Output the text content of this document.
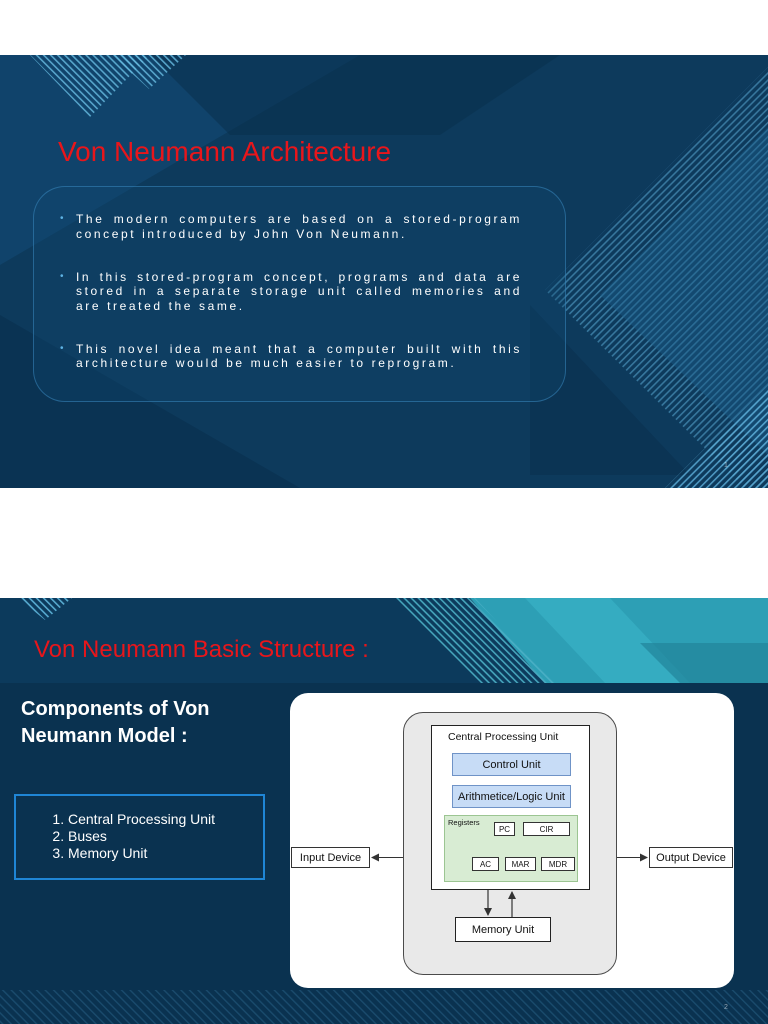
Von Neumann Architecture
• The modern computers are based on a stored-program concept introduced by John Von Neumann.
• In this stored-program concept, programs and data are stored in a separate storage unit called memories and are treated the same.
• This novel idea meant that a computer built with this architecture would be much easier to reprogram.
1
Von Neumann Basic Structure :
Components of Von Neumann Model :
1. Central Processing Unit
2. Buses
3. Memory Unit
Central Processing Unit
Control Unit
Arithmetice/Logic Unit
Registers
PC	CIR
AC	MAR	MDR
Memory Unit
Input Device	Output Device
2
